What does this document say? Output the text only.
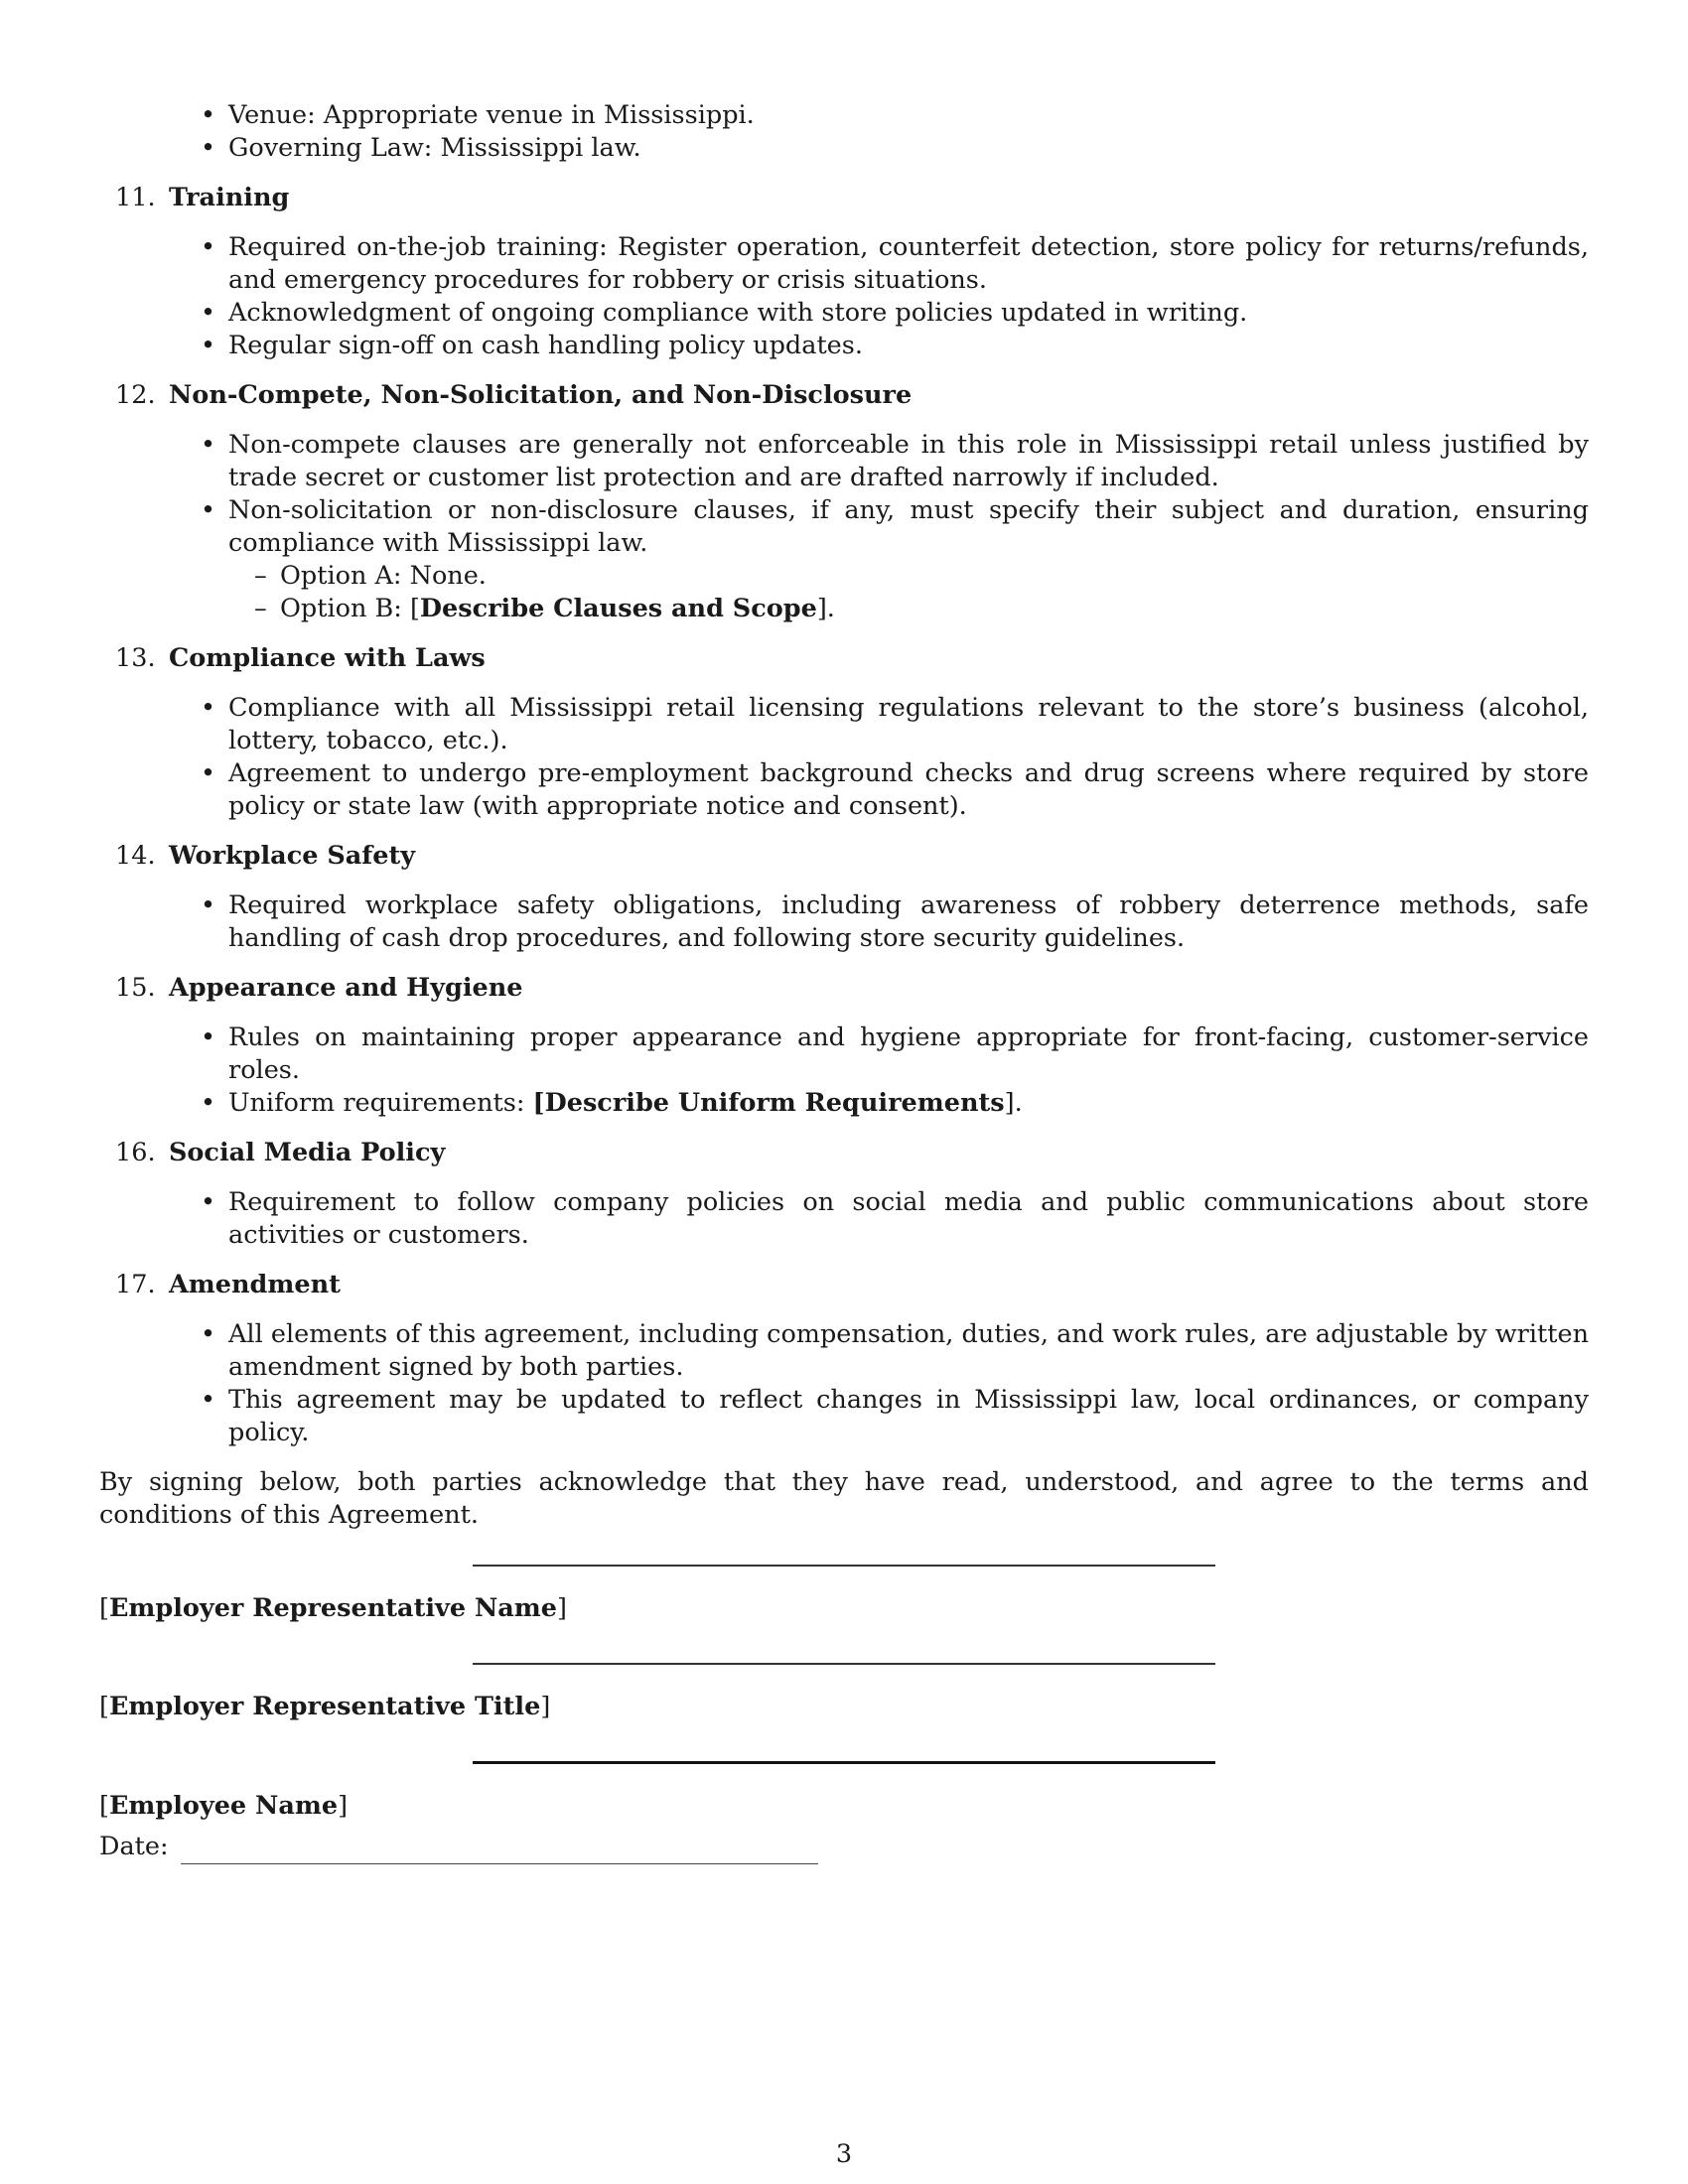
• Venue: Appropriate venue in Mississippi.
• Governing Law: Mississippi law.
11. Training
• Required on-the-job training: Register operation, counterfeit detection, store policy for returns/refunds, and emergency procedures for robbery or crisis situations.
• Acknowledgment of ongoing compliance with store policies updated in writing.
• Regular sign-off on cash handling policy updates.
12. Non-Compete, Non-Solicitation, and Non-Disclosure
• Non-compete clauses are generally not enforceable in this role in Mississippi retail unless justified by trade secret or customer list protection and are drafted narrowly if included.
• Non-solicitation or non-disclosure clauses, if any, must specify their subject and duration, ensuring compliance with Mississippi law.
– Option A: None.
– Option B: [Describe Clauses and Scope].
13. Compliance with Laws
• Compliance with all Mississippi retail licensing regulations relevant to the store’s business (alcohol, lottery, tobacco, etc.).
• Agreement to undergo pre-employment background checks and drug screens where required by store policy or state law (with appropriate notice and consent).
14. Workplace Safety
• Required workplace safety obligations, including awareness of robbery deterrence methods, safe handling of cash drop procedures, and following store security guidelines.
15. Appearance and Hygiene
• Rules on maintaining proper appearance and hygiene appropriate for front-facing, customer-service roles.
• Uniform requirements: [Describe Uniform Requirements].
16. Social Media Policy
• Requirement to follow company policies on social media and public communications about store activities or customers.
17. Amendment
• All elements of this agreement, including compensation, duties, and work rules, are adjustable by written amendment signed by both parties.
• This agreement may be updated to reflect changes in Mississippi law, local ordinances, or company policy.

By signing below, both parties acknowledge that they have read, understood, and agree to the terms and conditions of this Agreement.

[Employer Representative Name]
[Employer Representative Title]
[Employee Name]
Date:
3
